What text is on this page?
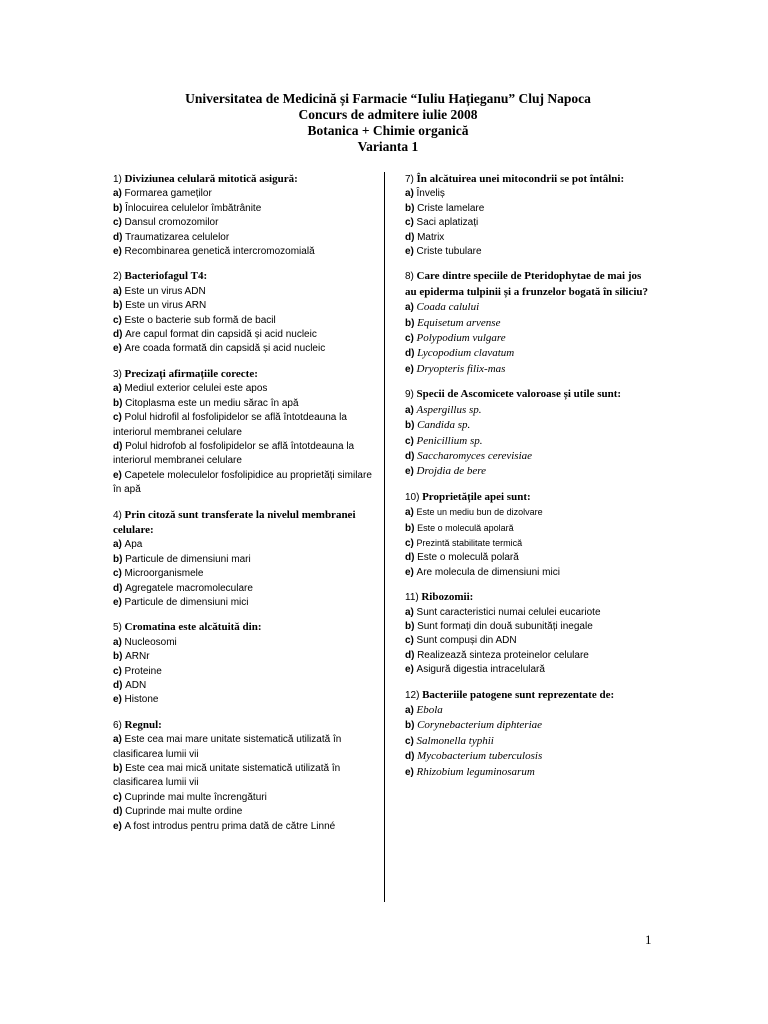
Universitatea de Medicină și Farmacie “Iuliu Hațieganu” Cluj Napoca
Concurs de admitere iulie 2008
Botanica + Chimie organică
Varianta 1
1) Diviziunea celulară mitotică asigură:
a) Formarea gameților
b) Înlocuirea celulelor îmbătrânite
c) Dansul cromozomilor
d) Traumatizarea celulelor
e) Recombinarea genetică intercromozomială
2) Bacteriofagul T4:
a) Este un virus ADN
b) Este un virus ARN
c) Este o bacterie sub formă de bacil
d) Are capul format din capsidă și acid nucleic
e) Are coada formată din capsidă și acid nucleic
3) Precizați afirmațiile corecte:
a) Mediul exterior celulei este apos
b) Citoplasma este un mediu sărac în apă
c) Polul hidrofil al fosfolipidelor se află întotdeauna la interiorul membranei celulare
d) Polul hidrofob al fosfolipidelor se află întotdeauna la interiorul membranei celulare
e) Capetele moleculelor fosfolipidice au proprietăți similare în apă
4) Prin citoză sunt transferate la nivelul membranei celulare:
a) Apa
b) Particule de dimensiuni mari
c) Microorganismele
d) Agregatele macromoleculare
e) Particule de dimensiuni mici
5) Cromatina este alcătuită din:
a) Nucleosomi
b) ARNr
c) Proteine
d) ADN
e) Histone
6) Regnul:
a) Este cea mai mare unitate sistematică utilizată în clasificarea lumii vii
b) Este cea mai mică unitate sistematică utilizată în clasificarea lumii vii
c) Cuprinde mai multe încrengături
d) Cuprinde mai multe ordine
e) A fost introdus pentru prima dată de către Linné
7) În alcătuirea unei mitocondrii se pot întâlni:
a) Înveliș
b) Criste lamelare
c) Saci aplatizați
d) Matrix
e) Criste tubulare
8) Care dintre speciile de Pteridophytae de mai jos au epiderma tulpinii și a frunzelor bogată în siliciu?
a) Coada calului
b) Equisetum arvense
c) Polypodium vulgare
d) Lycopodium clavatum
e) Dryopteris filix-mas
9) Specii de Ascomicete valoroase și utile sunt:
a) Aspergillus sp.
b) Candida sp.
c) Penicillium sp.
d) Saccharomyces cerevisiae
e) Drojdia de bere
10) Proprietățile apei sunt:
a) Este un mediu bun de dizolvare
b) Este o moleculă apolară
c) Prezintă stabilitate termică
d) Este o moleculă polară
e) Are molecula de dimensiuni mici
11) Ribozomii:
a) Sunt caracteristici numai celulei eucariote
b) Sunt formați din două subunități inegale
c) Sunt compuși din ADN
d) Realizează sinteza proteinelor celulare
e) Asigură digestia intracelulară
12) Bacteriile patogene sunt reprezentate de:
a) Ebola
b) Corynebacterium diphteriae
c) Salmonella typhii
d) Mycobacterium tuberculosis
e) Rhizobium leguminosarum
1
